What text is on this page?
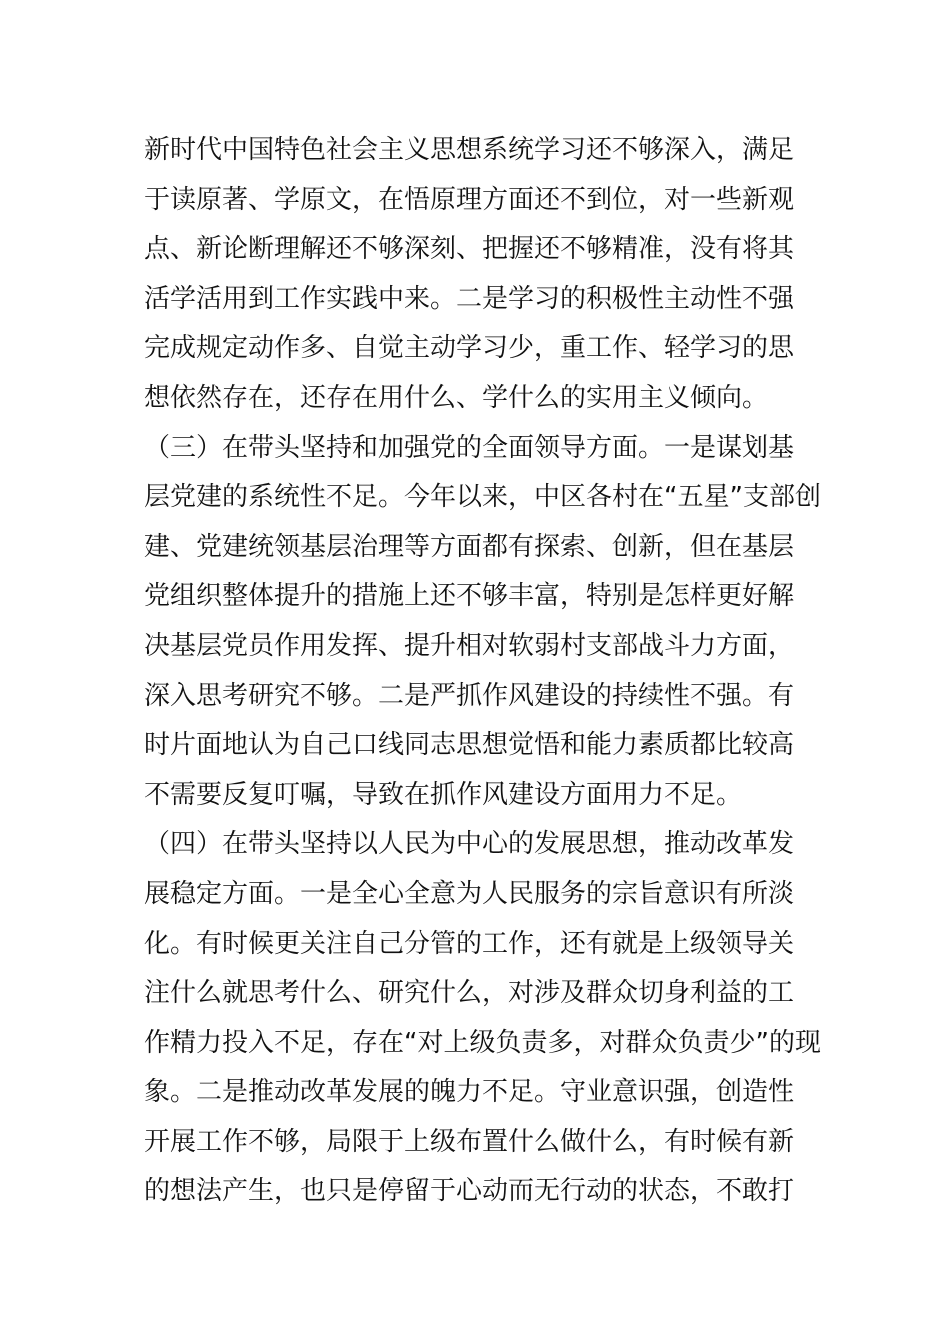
新时代中国特色社会主义思想系统学习还不够深入，满足
于读原著、学原文，在悟原理方面还不到位，对一些新观
点、新论断理解还不够深刻、把握还不够精准，没有将其
活学活用到工作实践中来。二是学习的积极性主动性不强
完成规定动作多、自觉主动学习少，重工作、轻学习的思
想依然存在，还存在用什么、学什么的实用主义倾向。
（三）在带头坚持和加强党的全面领导方面。一是谋划基
层党建的系统性不足。今年以来，中区各村在“五星”支部创
建、党建统领基层治理等方面都有探索、创新，但在基层
党组织整体提升的措施上还不够丰富，特别是怎样更好解
决基层党员作用发挥、提升相对软弱村支部战斗力方面，
深入思考研究不够。二是严抓作风建设的持续性不强。有
时片面地认为自己口线同志思想觉悟和能力素质都比较高
不需要反复叮嘱，导致在抓作风建设方面用力不足。
（四）在带头坚持以人民为中心的发展思想，推动改革发
展稳定方面。一是全心全意为人民服务的宗旨意识有所淡
化。有时候更关注自己分管的工作，还有就是上级领导关
注什么就思考什么、研究什么，对涉及群众切身利益的工
作精力投入不足，存在“对上级负责多，对群众负责少”的现
象。二是推动改革发展的魄力不足。守业意识强，创造性
开展工作不够，局限于上级布置什么做什么，有时候有新
的想法产生，也只是停留于心动而无行动的状态，不敢打
